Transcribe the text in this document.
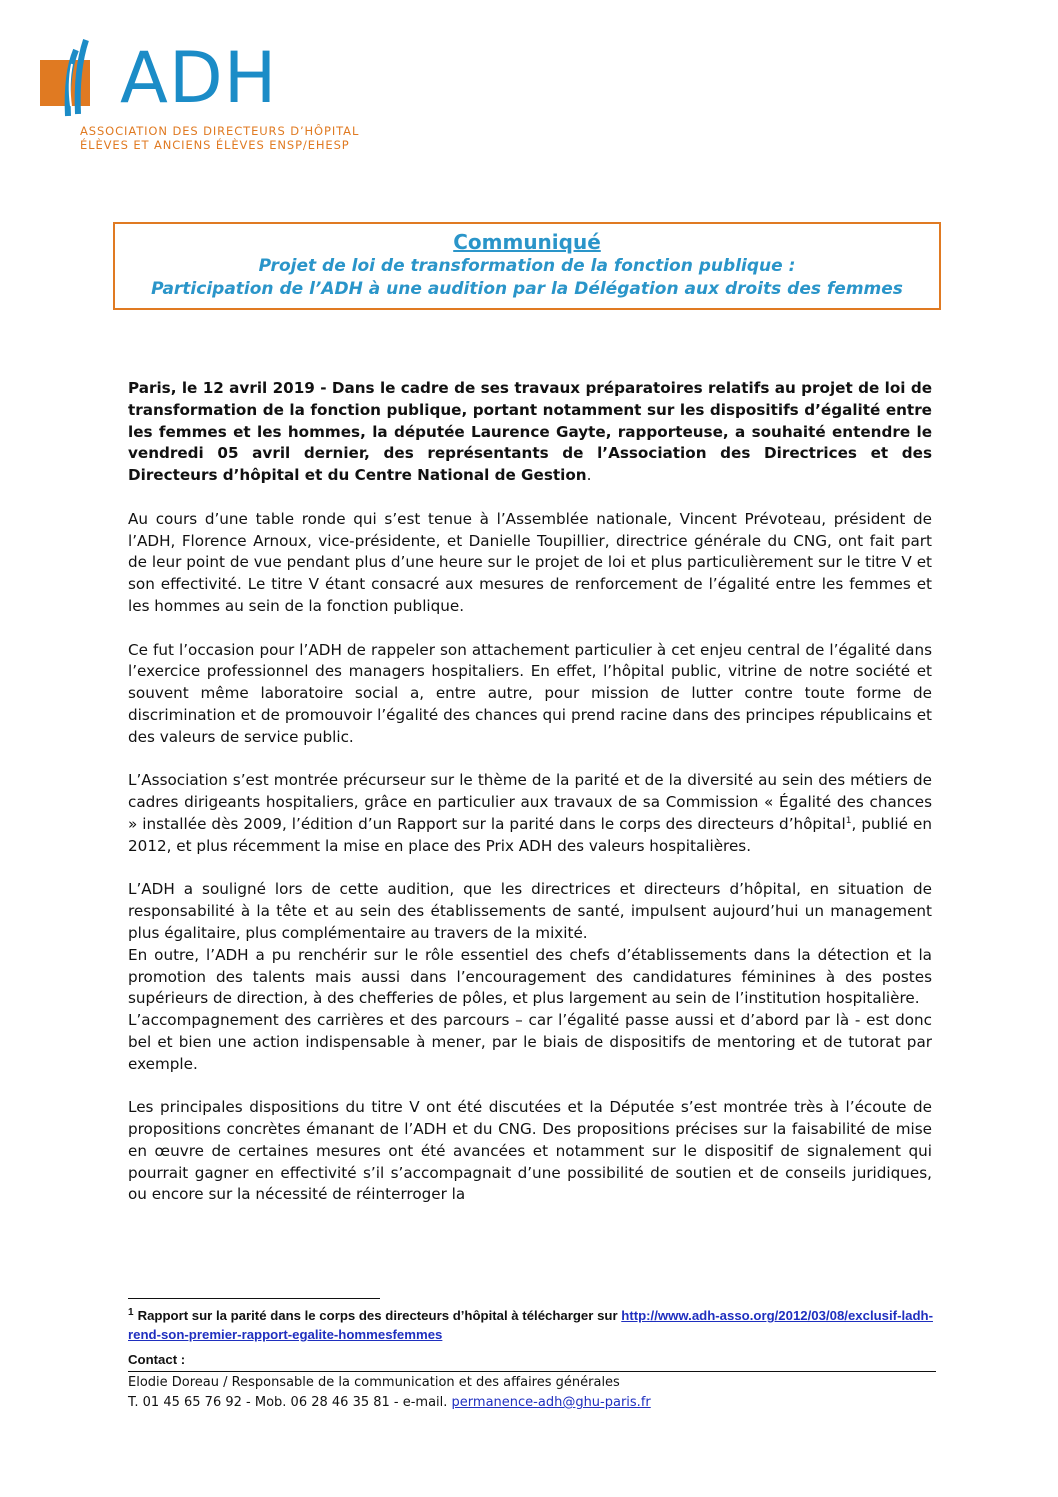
ADH
ASSOCIATION DES DIRECTEURS D’HÔPITAL
ÉLÈVES ET ANCIENS ÉLÈVES ENSP/EHESP
Communiqué
Projet de loi de transformation de la fonction publique :
Participation de l’ADH à une audition par la Délégation aux droits des femmes

Paris, le 12 avril 2019 - Dans le cadre de ses travaux préparatoires relatifs au projet de loi de transformation de la fonction publique, portant notamment sur les dispositifs d’égalité entre les femmes et les hommes, la députée Laurence Gayte, rapporteuse, a souhaité entendre le vendredi 05 avril dernier, des représentants de l’Association des Directrices et des Directeurs d’hôpital et du Centre National de Gestion.

Au cours d’une table ronde qui s’est tenue à l’Assemblée nationale, Vincent Prévoteau, président de l’ADH, Florence Arnoux, vice-présidente, et Danielle Toupillier, directrice générale du CNG, ont fait part de leur point de vue pendant plus d’une heure sur le projet de loi et plus particulièrement sur le titre V et son effectivité. Le titre V étant consacré aux mesures de renforcement de l’égalité entre les femmes et les hommes au sein de la fonction publique.

Ce fut l’occasion pour l’ADH de rappeler son attachement particulier à cet enjeu central de l’égalité dans l’exercice professionnel des managers hospitaliers. En effet, l’hôpital public, vitrine de notre société et souvent même laboratoire social a, entre autre, pour mission de lutter contre toute forme de discrimination et de promouvoir l’égalité des chances qui prend racine dans des principes républicains et des valeurs de service public.

L’Association s’est montrée précurseur sur le thème de la parité et de la diversité au sein des métiers de cadres dirigeants hospitaliers, grâce en particulier aux travaux de sa Commission « Égalité des chances » installée dès 2009, l’édition d’un Rapport sur la parité dans le corps des directeurs d’hôpital$^1$, publié en 2012, et plus récemment la mise en place des Prix ADH des valeurs hospitalières.

L’ADH a souligné lors de cette audition, que les directrices et directeurs d’hôpital, en situation de responsabilité à la tête et au sein des établissements de santé, impulsent aujourd’hui un management plus égalitaire, plus complémentaire au travers de la mixité.

En outre, l’ADH a pu renchérir sur le rôle essentiel des chefs d’établissements dans la détection et la promotion des talents mais aussi dans l’encouragement des candidatures féminines à des postes supérieurs de direction, à des chefferies de pôles, et plus largement au sein de l’institution hospitalière.

L’accompagnement des carrières et des parcours – car l’égalité passe aussi et d’abord par là - est donc bel et bien une action indispensable à mener, par le biais de dispositifs de mentoring et de tutorat par exemple.

Les principales dispositions du titre V ont été discutées et la Députée s’est montrée très à l’écoute de propositions concrètes émanant de l’ADH et du CNG. Des propositions précises sur la faisabilité de mise en œuvre de certaines mesures ont été avancées et notamment sur le dispositif de signalement qui pourrait gagner en effectivité s’il s’accompagnait d’une possibilité de soutien et de conseils juridiques, ou encore sur la nécessité de réinterroger la

$^1$ Rapport sur la parité dans le corps des directeurs d’hôpital à télécharger sur http://www.adh-asso.org/2012/03/08/exclusif-ladh-rend-son-premier-rapport-egalite-hommesfemmes
Contact :
Elodie Doreau / Responsable de la communication et des affaires générales
T. 01 45 65 76 92 - Mob. 06 28 46 35 81 - e-mail. permanence-adh@ghu-paris.fr
